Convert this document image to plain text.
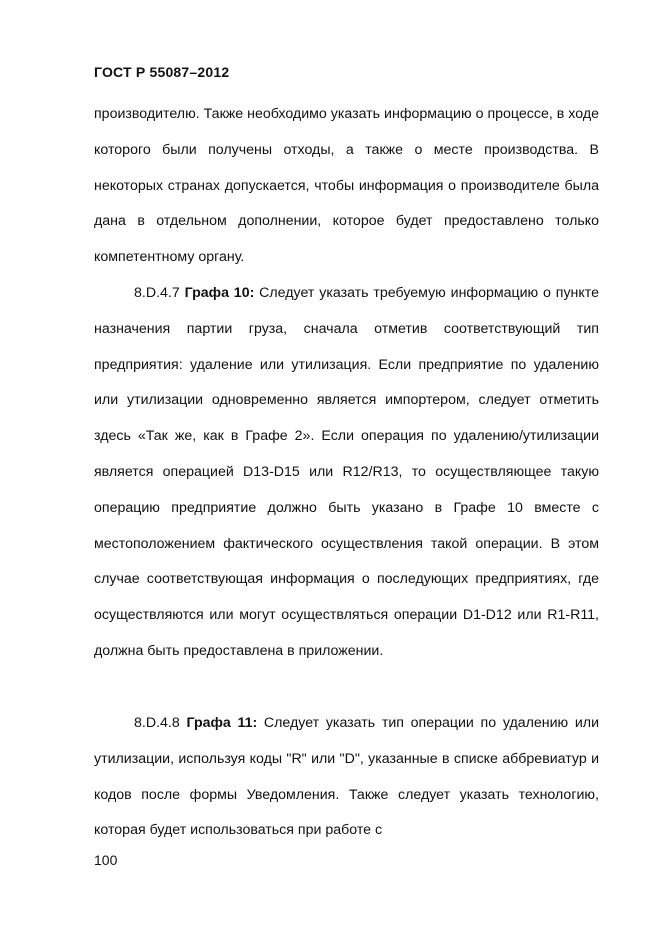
ГОСТ Р 55087–2012
производителю. Также необходимо указать информацию о процессе, в ходе которого были получены отходы, а также о месте производства. В некоторых странах допускается, чтобы информация о производителе была дана в отдельном дополнении, которое будет предоставлено только компетентному органу.
8.D.4.7 Графа 10: Следует указать требуемую информацию о пункте назначения партии груза, сначала отметив соответствующий тип предприятия: удаление или утилизация. Если предприятие по удалению или утилизации одновременно является импортером, следует отметить здесь «Так же, как в Графе 2». Если операция по удалению/утилизации является операцией D13-D15 или R12/R13, то осуществляющее такую операцию предприятие должно быть указано в Графе 10 вместе с местоположением фактического осуществления такой операции. В этом случае соответствующая информация о последующих предприятиях, где осуществляются или могут осуществляться операции D1-D12 или R1-R11, должна быть предоставлена в приложении.
8.D.4.8 Графа 11: Следует указать тип операции по удалению или утилизации, используя коды "R" или "D", указанные в списке аббревиатур и кодов после формы Уведомления. Также следует указать технологию, которая будет использоваться при работе с
100
